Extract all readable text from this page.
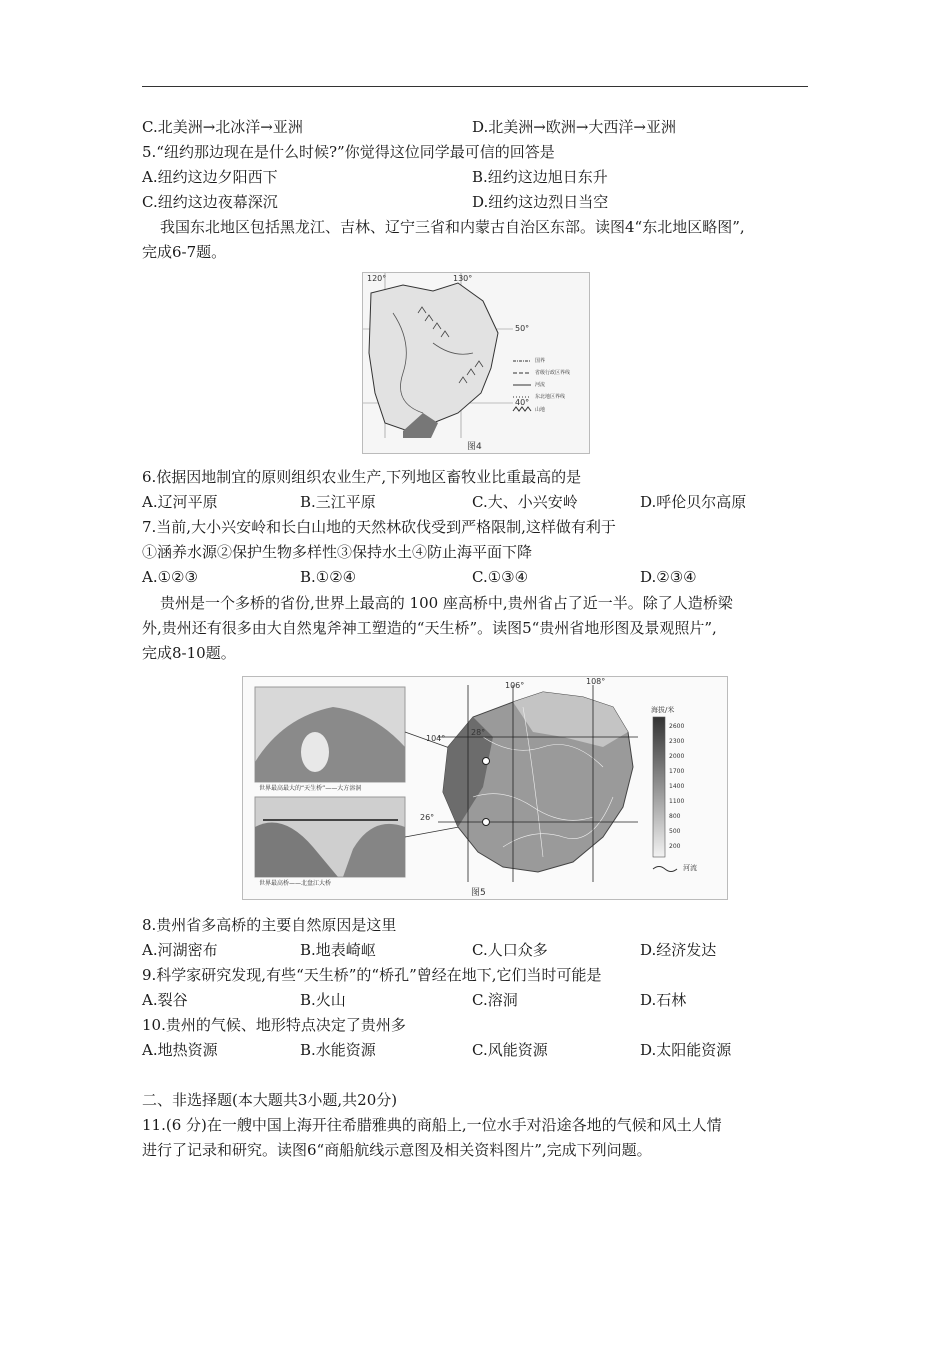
C.北美洲→北冰洋→亚洲	D.北美洲→欧洲→大西洋→亚洲
5.“纽约那边现在是什么时候?”你觉得这位同学最可信的回答是
A.纽约这边夕阳西下	B.纽约这边旭日东升
C.纽约这边夜幕深沉	D.纽约这边烈日当空
我国东北地区包括黑龙江、吉林、辽宁三省和内蒙古自治区东部。读图4“东北地区略图”,
完成6-7题。
120°	130°
50°
40°
国界
省级行政区界线
河流
东北地区界线
山地
图4
6.依据因地制宜的原则组织农业生产,下列地区畜牧业比重最高的是
A.辽河平原	B.三江平原	C.大、小兴安岭	D.呼伦贝尔高原
7.当前,大小兴安岭和长白山地的天然林砍伐受到严格限制,这样做有利于
①涵养水源②保护生物多样性③保持水土④防止海平面下降
A.①②③	B.①②④	C.①③④	D.②③④
贵州是一个多桥的省份,世界上最高的 100 座高桥中,贵州省占了近一半。除了人造桥梁
外,贵州还有很多由大自然鬼斧神工塑造的“天生桥”。读图5“贵州省地形图及景观照片”,
完成8-10题。
世界最高最大的“天生桥”——大方溶洞
世界最高桥——北盘江大桥
104°
106°	108°
28°
26°
海拔/米
2600
2300
2000
1700
1400
1100
800
500
200
河流
图5
8.贵州省多高桥的主要自然原因是这里
A.河湖密布	B.地表崎岖	C.人口众多	D.经济发达
9.科学家研究发现,有些“天生桥”的“桥孔”曾经在地下,它们当时可能是
A.裂谷	B.火山	C.溶洞	D.石林
10.贵州的气候、地形特点决定了贵州多
A.地热资源	B.水能资源	C.风能资源	D.太阳能资源
二、非选择题(本大题共3小题,共20分)
11.(6 分)在一艘中国上海开往希腊雅典的商船上,一位水手对沿途各地的气候和风土人情
进行了记录和研究。读图6“商船航线示意图及相关资料图片”,完成下列问题。
